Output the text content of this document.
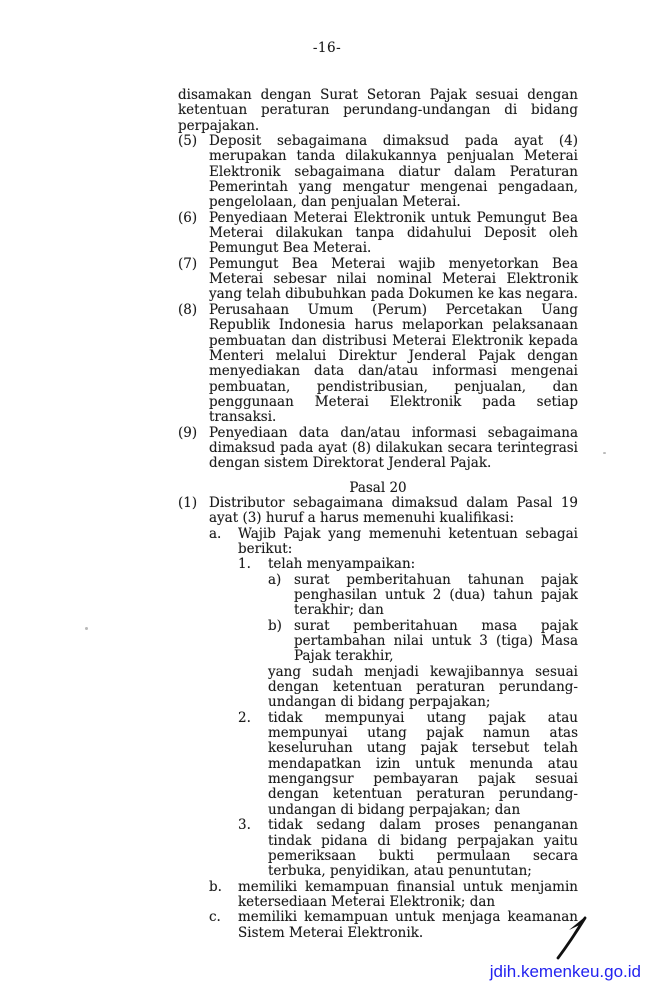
-16-

disamakan dengan Surat Setoran Pajak sesuai dengan ketentuan peraturan perundang-undangan di bidang perpajakan.

(5) Deposit sebagaimana dimaksud pada ayat (4) merupakan tanda dilakukannya penjualan Meterai Elektronik sebagaimana diatur dalam Peraturan Pemerintah yang mengatur mengenai pengadaan, pengelolaan, dan penjualan Meterai.
(6) Penyediaan Meterai Elektronik untuk Pemungut Bea Meterai dilakukan tanpa didahului Deposit oleh Pemungut Bea Meterai.
(7) Pemungut Bea Meterai wajib menyetorkan Bea Meterai sebesar nilai nominal Meterai Elektronik yang telah dibubuhkan pada Dokumen ke kas negara.
(8) Perusahaan Umum (Perum) Percetakan Uang Republik Indonesia harus melaporkan pelaksanaan pembuatan dan distribusi Meterai Elektronik kepada Menteri melalui Direktur Jenderal Pajak dengan menyediakan data dan/atau informasi mengenai pembuatan, pendistribusian, penjualan, dan penggunaan Meterai Elektronik pada setiap transaksi.
(9) Penyediaan data dan/atau informasi sebagaimana dimaksud pada ayat (8) dilakukan secara terintegrasi dengan sistem Direktorat Jenderal Pajak.
Pasal 20
(1) Distributor sebagaimana dimaksud dalam Pasal 19 ayat (3) huruf a harus memenuhi kualifikasi:

a.	Wajib Pajak yang memenuhi ketentuan sebagai berikut:

1.	telah menyampaikan:

a) surat pemberitahuan tahunan pajak penghasilan untuk 2 (dua) tahun pajak terakhir; dan
b) surat pemberitahuan masa pajak pertambahan nilai untuk 3 (tiga) Masa Pajak terakhir,

yang sudah menjadi kewajibannya sesuai dengan ketentuan peraturan perundang-undangan di bidang perpajakan;

2.	tidak mempunyai utang pajak atau mempunyai utang pajak namun atas keseluruhan utang pajak tersebut telah mendapatkan izin untuk menunda atau mengangsur pembayaran pajak sesuai dengan ketentuan peraturan perundang-undangan di bidang perpajakan; dan
3.	tidak sedang dalam proses penanganan tindak pidana di bidang perpajakan yaitu pemeriksaan bukti permulaan secara terbuka, penyidikan, atau penuntutan;
b.	memiliki kemampuan finansial untuk menjamin ketersediaan Meterai Elektronik; dan
c.	memiliki kemampuan untuk menjaga keamanan Sistem Meterai Elektronik.
jdih.kemenkeu.go.id
